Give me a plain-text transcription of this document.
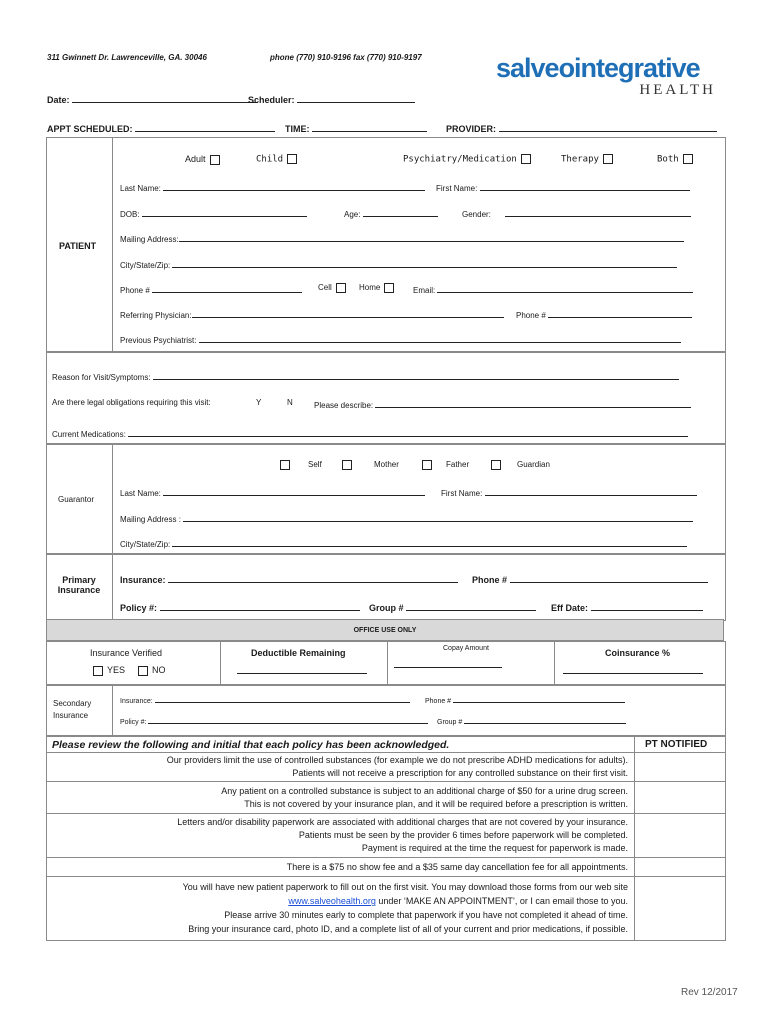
311 Gwinnett Dr. Lawrenceville, GA. 30046	phone (770) 910-9196 fax (770) 910-9197	salveointegrative
HEALTH
Date:	Scheduler:
APPT SCHEDULED:	TIME:	PROVIDER:
PATIENT
Adult	Child	Psychiatry/Medication	Therapy	Both
Last Name:	First Name:
DOB:	Age:	Gender:
Mailing Address:
City/State/Zip:
Phone #	Cell	Home	Email:
Referring Physician:	Phone #
Previous Psychiatrist:
Reason for Visit/Symptoms:
Are there legal obligations requiring this visit:	Y	N	Please describe:
Current Medications:
Guarantor
Self	Mother	Father	Guardian
Last Name:	First Name:
Mailing Address :
City/State/Zip:
Primary
Insurance
Insurance:	Phone #
Policy #:	Group #	Eff Date:
OFFICE USE ONLY
Insurance Verified
YES	NO
Deductible Remaining	Copay Amount	Coinsurance %
Secondary
Insurance
Insurance:	Phone #
Policy #:	Group #
Please review the following and initial that each policy has been acknowledged.	PT NOTIFIED
Our providers limit the use of controlled substances (for example we do not prescribe ADHD medications for adults).
Patients will not receive a prescription for any controlled substance on their first visit.
Any patient on a controlled substance is subject to an additional charge of $50 for a urine drug screen.
This is not covered by your insurance plan, and it will be required before a prescription is written.
Letters and/or disability paperwork are associated with additional charges that are not covered by your insurance.
Patients must be seen by the provider 6 times before paperwork will be completed.
Payment is required at the time the request for paperwork is made.
There is a $75 no show fee and a $35 same day cancellation fee for all appointments.
You will have new patient paperwork to fill out on the first visit. You may download those forms from our web site
www.salveohealth.org under ‘MAKE AN APPOINTMENT’, or I can email those to you.
Please arrive 30 minutes early to complete that paperwork if you have not completed it ahead of time.
Bring your insurance card, photo ID, and a complete list of all of your current and prior medications, if possible.
Rev 12/2017
